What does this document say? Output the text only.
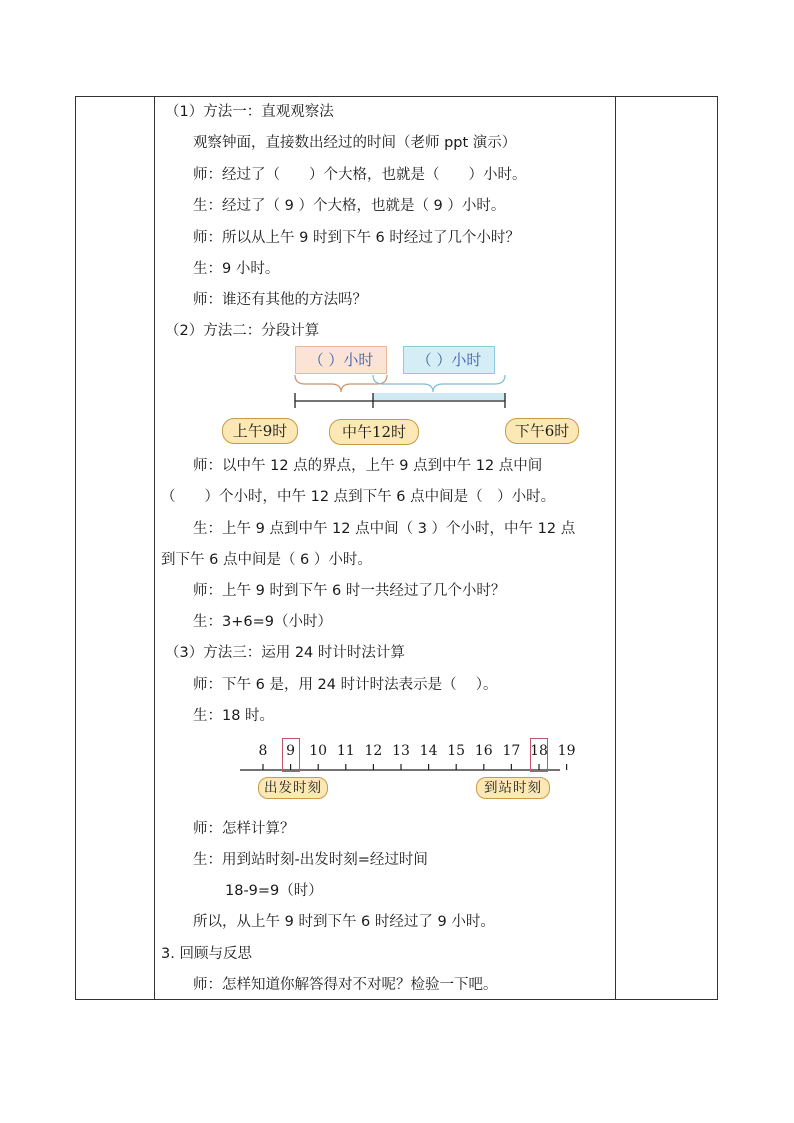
（1）方法一：直观观察法
观察钟面，直接数出经过的时间（老师 ppt 演示）
师：经过了（　　）个大格，也就是（　　）小时。
生：经过了（ 9 ）个大格，也就是（ 9 ）小时。
师：所以从上午 9 时到下午 6 时经过了几个小时？
生：9 小时。
师：谁还有其他的方法吗？
（2）方法二：分段计算
（ ）小时	（ ）小时
上午9时	中午12时	下午6时
师：以中午 12 点的界点，上午 9 点到中午 12 点中间
（　　）个小时，中午 12 点到下午 6 点中间是（　）小时。
生：上午 9 点到中午 12 点中间（ 3 ）个小时，中午 12 点
到下午 6 点中间是（ 6 ）小时。
师：上午 9 时到下午 6 时一共经过了几个小时？
生：3+6=9（小时）
（3）方法三：运用 24 时计时法计算
师：下午 6 是，用 24 时计时法表示是（　 ）。
生：18 时。
8	9	10 11 12 13 14 15 16 17 18 19
出发时刻	到站时刻
师：怎样计算？
生：用到站时刻-出发时刻=经过时间
18-9=9（时）
所以，从上午 9 时到下午 6 时经过了 9 小时。
3. 回顾与反思
师：怎样知道你解答得对不对呢？检验一下吧。
